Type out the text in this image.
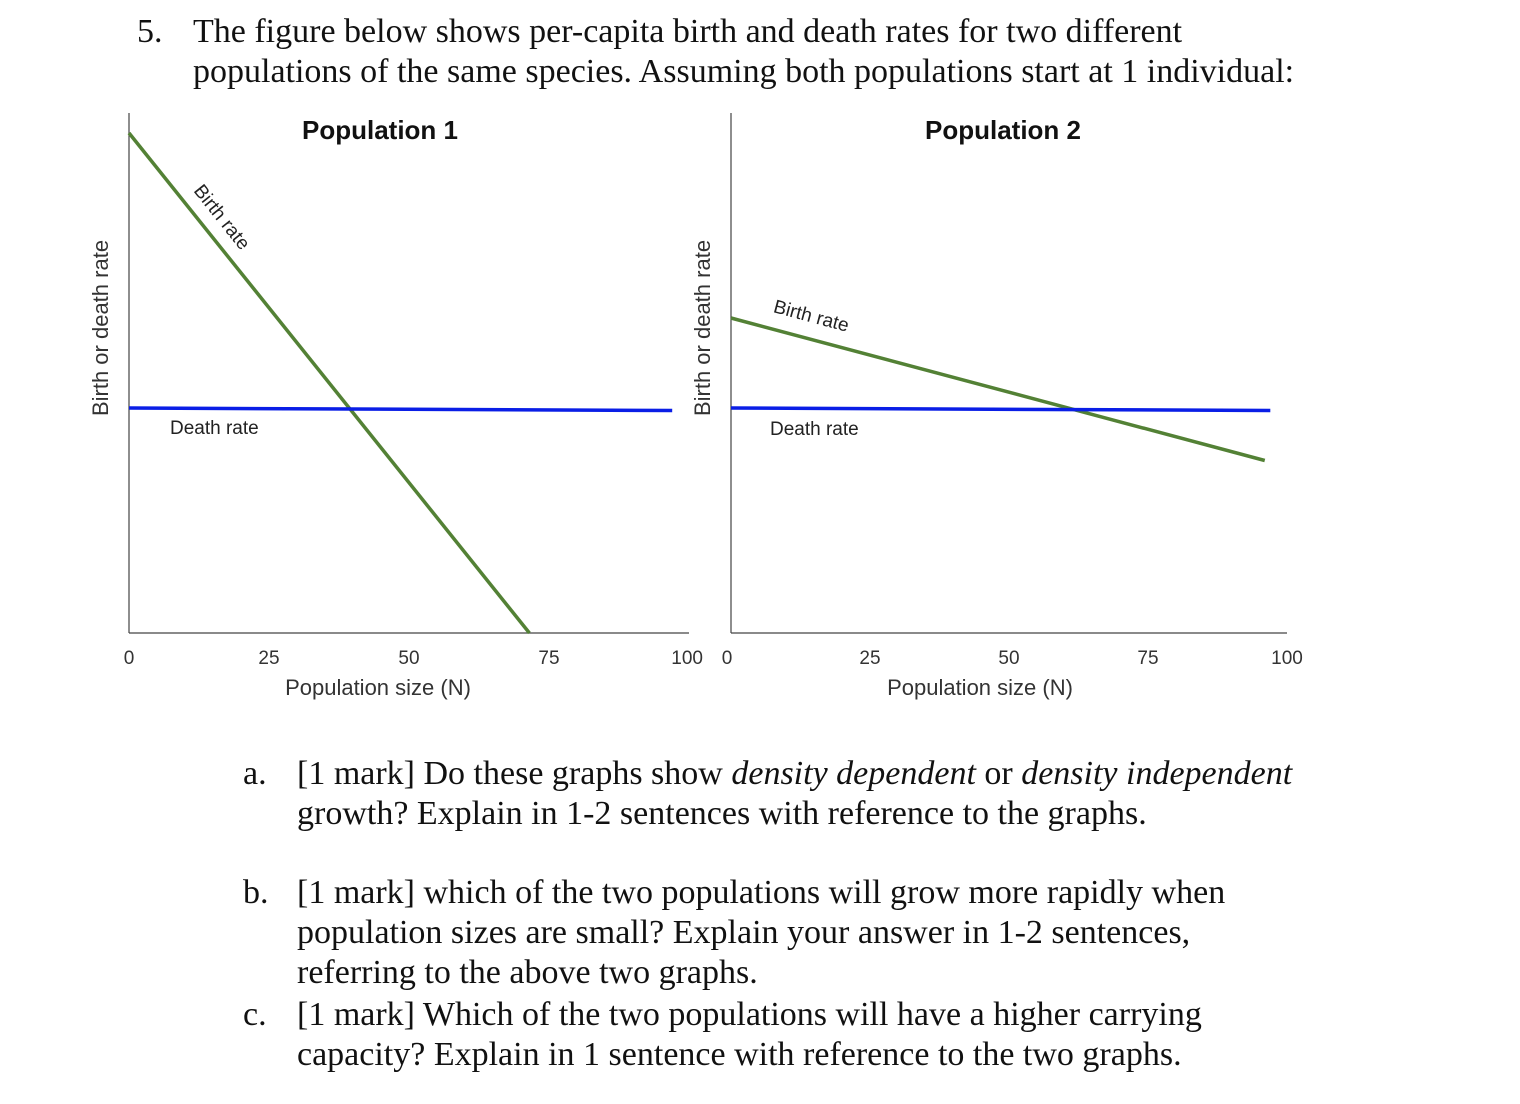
5. The figure below shows per-capita birth and death rates for two different
populations of the same species. Assuming both populations start at 1 individual:
Population 1
Birth or death rate
Population size (N)
0	25	50	75	100
Birth rate
Death rate
Population 2
Birth or death rate
Population size (N)
0	25	50	75	100
Birth rate
Death rate
a. [1 mark] Do these graphs show density dependent or density independent growth? Explain in 1-2 sentences with reference to the graphs.
b. [1 mark] which of the two populations will grow more rapidly when population sizes are small? Explain your answer in 1-2 sentences, referring to the above two graphs.
c. [1 mark] Which of the two populations will have a higher carrying capacity? Explain in 1 sentence with reference to the two graphs.
